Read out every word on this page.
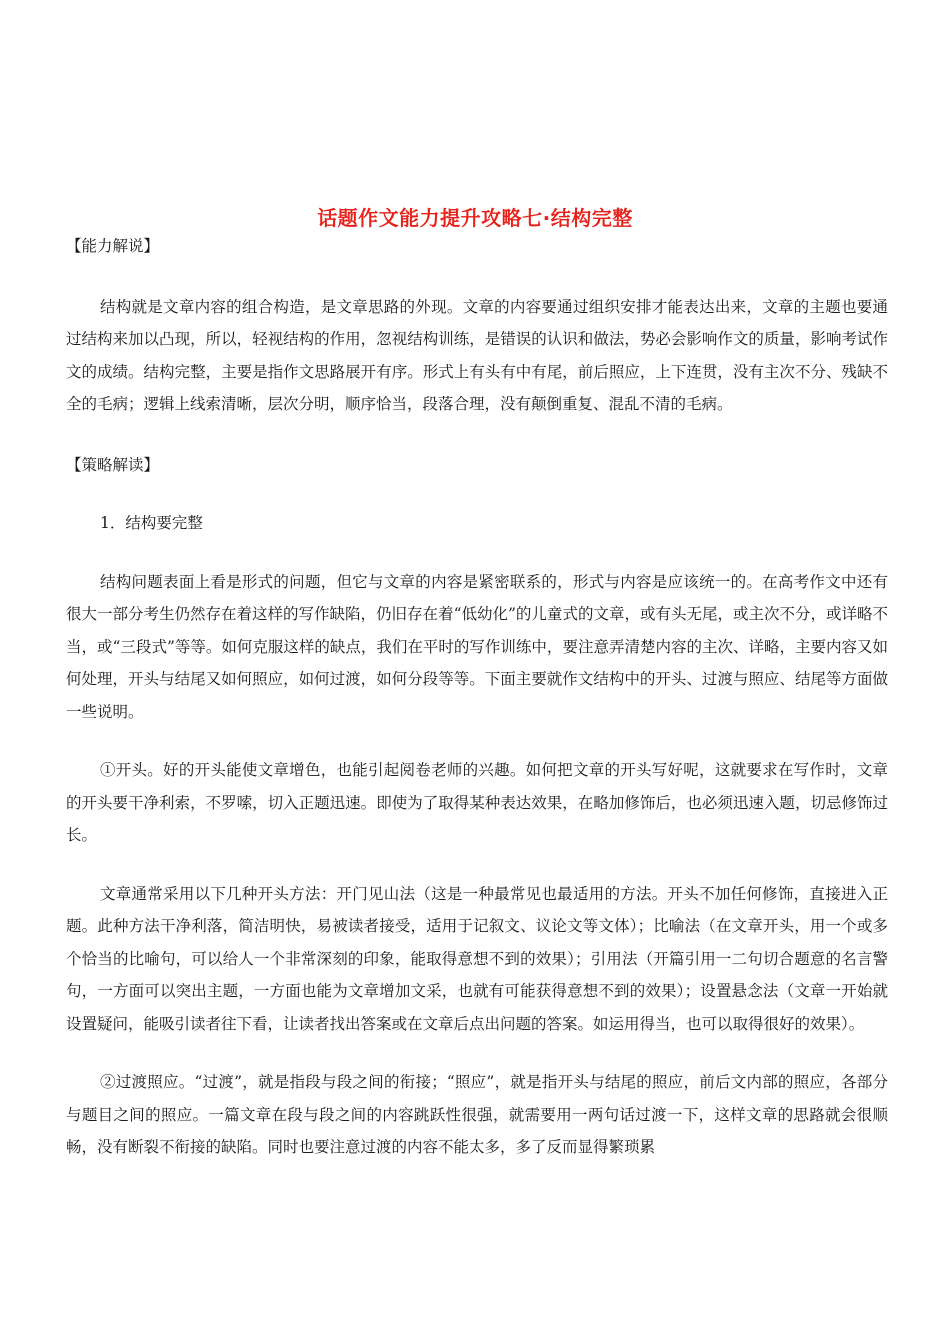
话题作文能力提升攻略七·结构完整

【能力解说】

结构就是文章内容的组合构造，是文章思路的外现。文章的内容要通过组织安排才能表达出来，文章的主题也要通过结构来加以凸现，所以，轻视结构的作用，忽视结构训练，是错误的认识和做法，势必会影响作文的质量，影响考试作文的成绩。结构完整，主要是指作文思路展开有序。形式上有头有中有尾，前后照应，上下连贯，没有主次不分、残缺不全的毛病；逻辑上线索清晰，层次分明，顺序恰当，段落合理，没有颠倒重复、混乱不清的毛病。

【策略解读】

1．结构要完整

结构问题表面上看是形式的问题，但它与文章的内容是紧密联系的，形式与内容是应该统一的。在高考作文中还有很大一部分考生仍然存在着这样的写作缺陷，仍旧存在着“低幼化”的儿童式的文章，或有头无尾，或主次不分，或详略不当，或“三段式”等等。如何克服这样的缺点，我们在平时的写作训练中，要注意弄清楚内容的主次、详略，主要内容又如何处理，开头与结尾又如何照应，如何过渡，如何分段等等。下面主要就作文结构中的开头、过渡与照应、结尾等方面做一些说明。

①开头。好的开头能使文章增色，也能引起阅卷老师的兴趣。如何把文章的开头写好呢，这就要求在写作时，文章的开头要干净利索，不罗嗦，切入正题迅速。即使为了取得某种表达效果，在略加修饰后，也必须迅速入题，切忌修饰过长。

文章通常采用以下几种开头方法：开门见山法（这是一种最常见也最适用的方法。开头不加任何修饰，直接进入正题。此种方法干净利落，简洁明快，易被读者接受，适用于记叙文、议论文等文体）；比喻法（在文章开头，用一个或多个恰当的比喻句，可以给人一个非常深刻的印象，能取得意想不到的效果）；引用法（开篇引用一二句切合题意的名言警句，一方面可以突出主题，一方面也能为文章增加文采，也就有可能获得意想不到的效果）；设置悬念法（文章一开始就设置疑问，能吸引读者往下看，让读者找出答案或在文章后点出问题的答案。如运用得当，也可以取得很好的效果）。

②过渡照应。“过渡”，就是指段与段之间的衔接；“照应”，就是指开头与结尾的照应，前后文内部的照应，各部分与题目之间的照应。一篇文章在段与段之间的内容跳跃性很强，就需要用一两句话过渡一下，这样文章的思路就会很顺畅，没有断裂不衔接的缺陷。同时也要注意过渡的内容不能太多，多了反而显得繁琐累
